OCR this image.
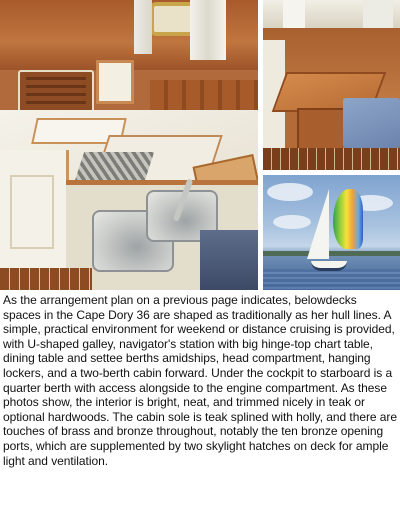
As the arrangement plan on a previous page indicates, belowdecks spaces in the Cape Dory 36 are shaped as traditionally as her hull lines. A simple, practical environment for weekend or distance cruising is provided, with U-shaped galley, navigator's station with big hinge-top chart table, dining table and settee berths amidships, head compartment, hanging lockers, and a two-berth cabin forward. Under the cockpit to starboard is a quarter berth with access alongside to the engine compartment. As these photos show, the interior is bright, neat, and trimmed nicely in teak or optional hardwoods. The cabin sole is teak splined with holly, and there are touches of brass and bronze throughout, notably the ten bronze opening ports, which are supplemented by two skylight hatches on deck for ample light and ventilation.
